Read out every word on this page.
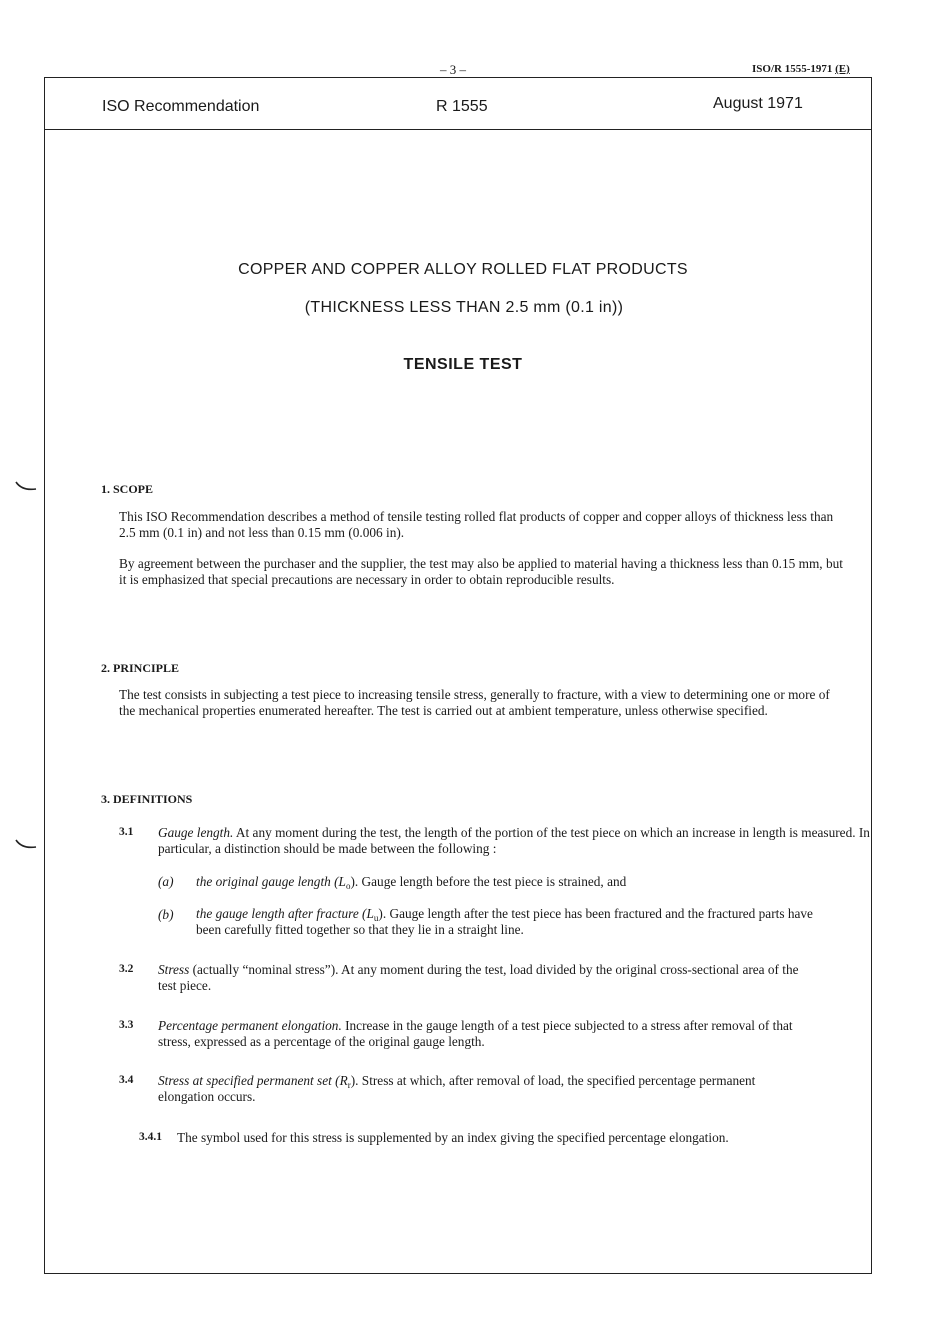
– 3 –	ISO/R 1555-1971 (E)
ISO Recommendation	R 1555	August 1971
COPPER AND COPPER ALLOY ROLLED FLAT PRODUCTS
(THICKNESS LESS THAN 2.5 mm (0.1 in))
TENSILE TEST
1. SCOPE

This ISO Recommendation describes a method of tensile testing rolled flat products of copper and copper alloys of thickness less than 2.5 mm (0.1 in) and not less than 0.15 mm (0.006 in).

By agreement between the purchaser and the supplier, the test may also be applied to material having a thickness less than 0.15 mm, but it is emphasized that special precautions are necessary in order to obtain reproducible results.

2. PRINCIPLE

The test consists in subjecting a test piece to increasing tensile stress, generally to fracture, with a view to determining one or more of the mechanical properties enumerated hereafter. The test is carried out at ambient temperature, unless otherwise specified.

3. DEFINITIONS
3.1 Gauge length. At any moment during the test, the length of the portion of the test piece on which an increase in length is measured. In particular, a distinction should be made between the following :

(a) the original gauge length $(L_o)$. Gauge length before the test piece is strained, and

(b) the gauge length after fracture $(L_u)$. Gauge length after the test piece has been fractured and the fractured parts have been carefully fitted together so that they lie in a straight line.

3.2 Stress (actually “nominal stress”). At any moment during the test, load divided by the original cross-sectional area of the test piece.

3.3 Percentage permanent elongation. Increase in the gauge length of a test piece subjected to a stress after removal of that stress, expressed as a percentage of the original gauge length.

3.4 Stress at specified permanent set $(R_r)$. Stress at which, after removal of load, the specified percentage permanent elongation occurs.

3.4.1 The symbol used for this stress is supplemented by an index giving the specified percentage elongation.
